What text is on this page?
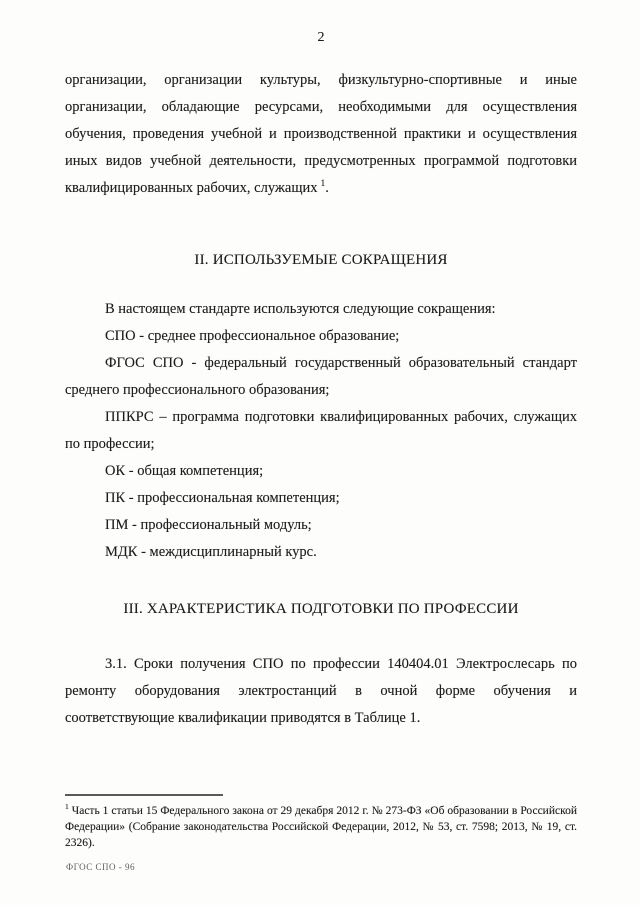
2

организации, организации культуры, физкультурно-спортивные и иные организации, обладающие ресурсами, необходимыми для осуществления обучения, проведения учебной и производственной практики и осуществления иных видов учебной деятельности, предусмотренных программой подготовки квалифицированных рабочих, служащих $^1$.

II. ИСПОЛЬЗУЕМЫЕ СОКРАЩЕНИЯ

В настоящем стандарте используются следующие сокращения:

СПО - среднее профессиональное образование;

ФГОС СПО - федеральный государственный образовательный стандарт среднего профессионального образования;

ППКРС – программа подготовки квалифицированных рабочих, служащих по профессии;

ОК - общая компетенция;

ПК - профессиональная компетенция;

ПМ - профессиональный модуль;

МДК - междисциплинарный курс.

III. ХАРАКТЕРИСТИКА ПОДГОТОВКИ ПО ПРОФЕССИИ

3.1. Сроки получения СПО по профессии 140404.01 Электрослесарь по ремонту оборудования электростанций в очной форме обучения и соответствующие квалификации приводятся в Таблице 1.

$^1$ Часть 1 статьи 15 Федерального закона от 29 декабря 2012 г. № 273-ФЗ «Об образовании в Российской Федерации» (Собрание законодательства Российской Федерации, 2012, № 53, ст. 7598; 2013, № 19, ст. 2326).
ФГОС СПО - 96
